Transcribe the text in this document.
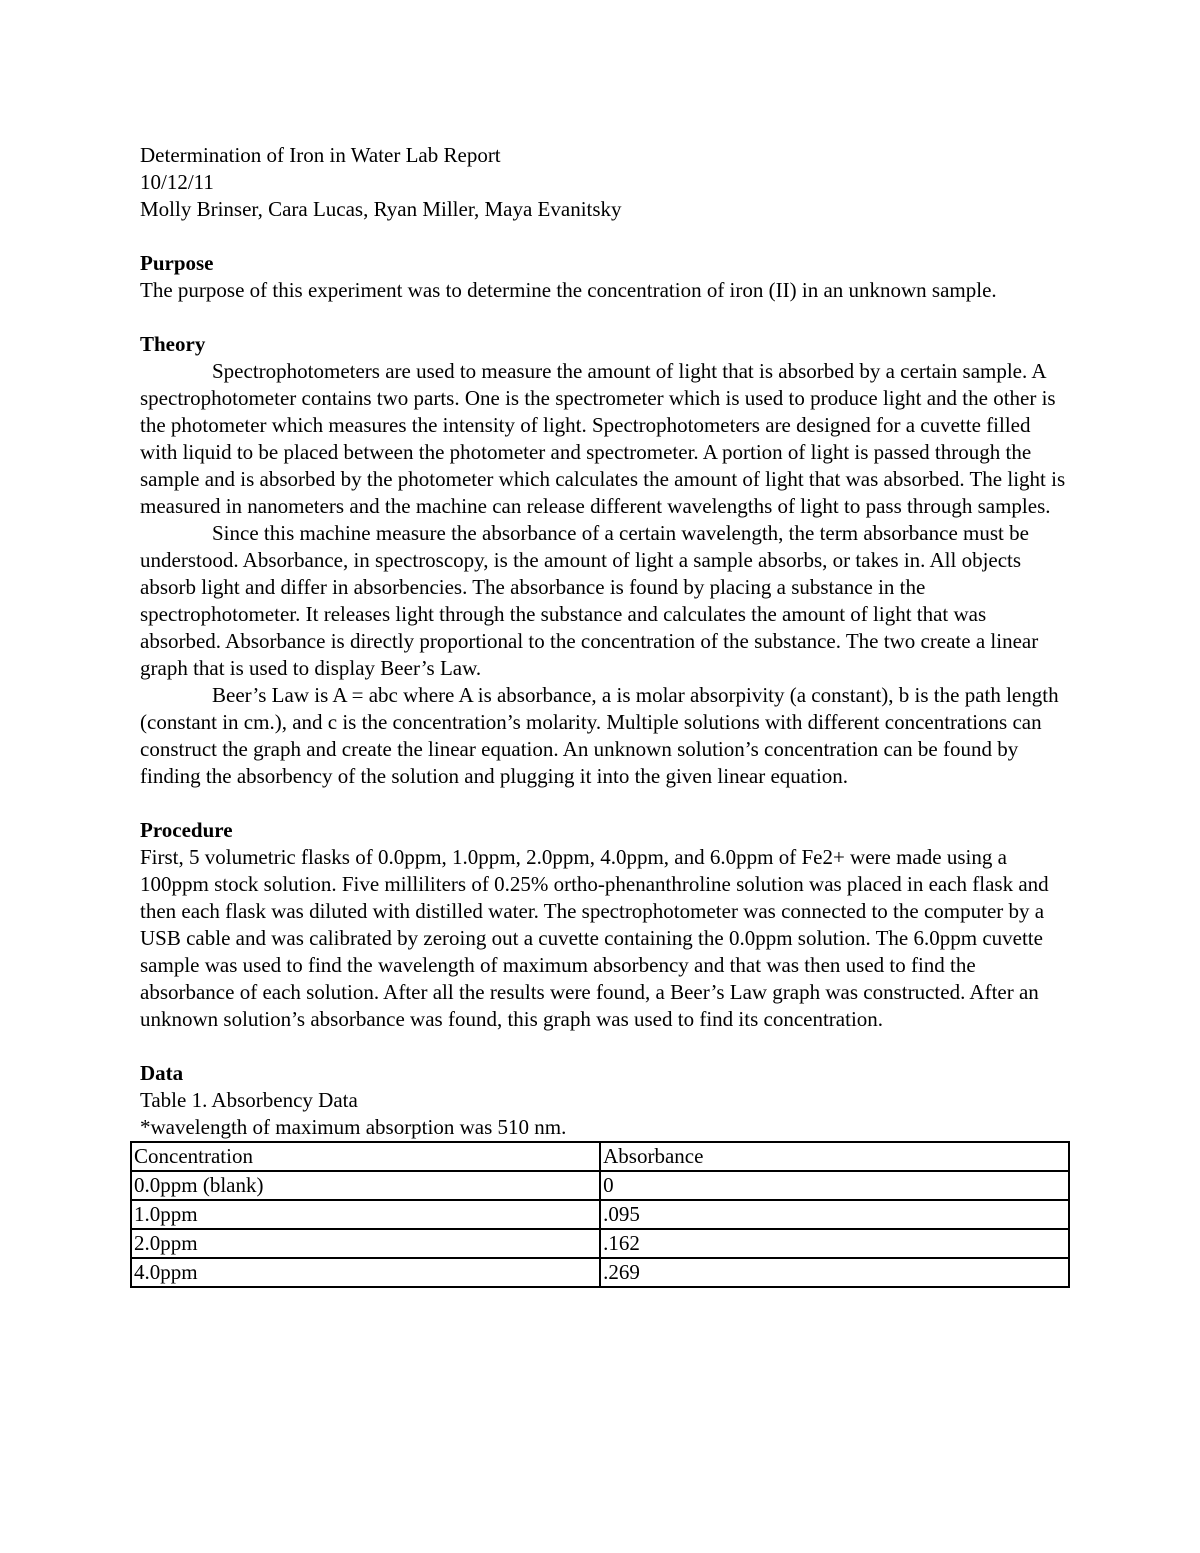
Determination of Iron in Water Lab Report
10/12/11
Molly Brinser, Cara Lucas, Ryan Miller, Maya Evanitsky
Purpose
The purpose of this experiment was to determine the concentration of iron (II) in an unknown sample.
Theory
Spectrophotometers are used to measure the amount of light that is absorbed by a certain sample. A spectrophotometer contains two parts. One is the spectrometer which is used to produce light and the other is the photometer which measures the intensity of light. Spectrophotometers are designed for a cuvette filled with liquid to be placed between the photometer and spectrometer. A portion of light is passed through the sample and is absorbed by the photometer which calculates the amount of light that was absorbed. The light is measured in nanometers and the machine can release different wavelengths of light to pass through samples.
Since this machine measure the absorbance of a certain wavelength, the term absorbance must be understood. Absorbance, in spectroscopy, is the amount of light a sample absorbs, or takes in. All objects absorb light and differ in absorbencies. The absorbance is found by placing a substance in the spectrophotometer. It releases light through the substance and calculates the amount of light that was absorbed. Absorbance is directly proportional to the concentration of the substance. The two create a linear graph that is used to display Beer’s Law.
Beer’s Law is A = abc where A is absorbance, a is molar absorpivity (a constant), b is the path length (constant in cm.), and c is the concentration’s molarity. Multiple solutions with different concentrations can construct the graph and create the linear equation. An unknown solution’s concentration can be found by finding the absorbency of the solution and plugging it into the given linear equation.
Procedure
First, 5 volumetric flasks of 0.0ppm, 1.0ppm, 2.0ppm, 4.0ppm, and 6.0ppm of Fe2+ were made using a 100ppm stock solution. Five milliliters of 0.25% ortho-phenanthroline solution was placed in each flask and then each flask was diluted with distilled water. The spectrophotometer was connected to the computer by a USB cable and was calibrated by zeroing out a cuvette containing the 0.0ppm solution. The 6.0ppm cuvette sample was used to find the wavelength of maximum absorbency and that was then used to find the absorbance of each solution. After all the results were found, a Beer’s Law graph was constructed. After an unknown solution’s absorbance was found, this graph was used to find its concentration.
Data
Table 1. Absorbency Data
*wavelength of maximum absorption was 510 nm.
Concentration	Absorbance
0.0ppm (blank)	0
1.0ppm	.095
2.0ppm	.162
4.0ppm	.269
